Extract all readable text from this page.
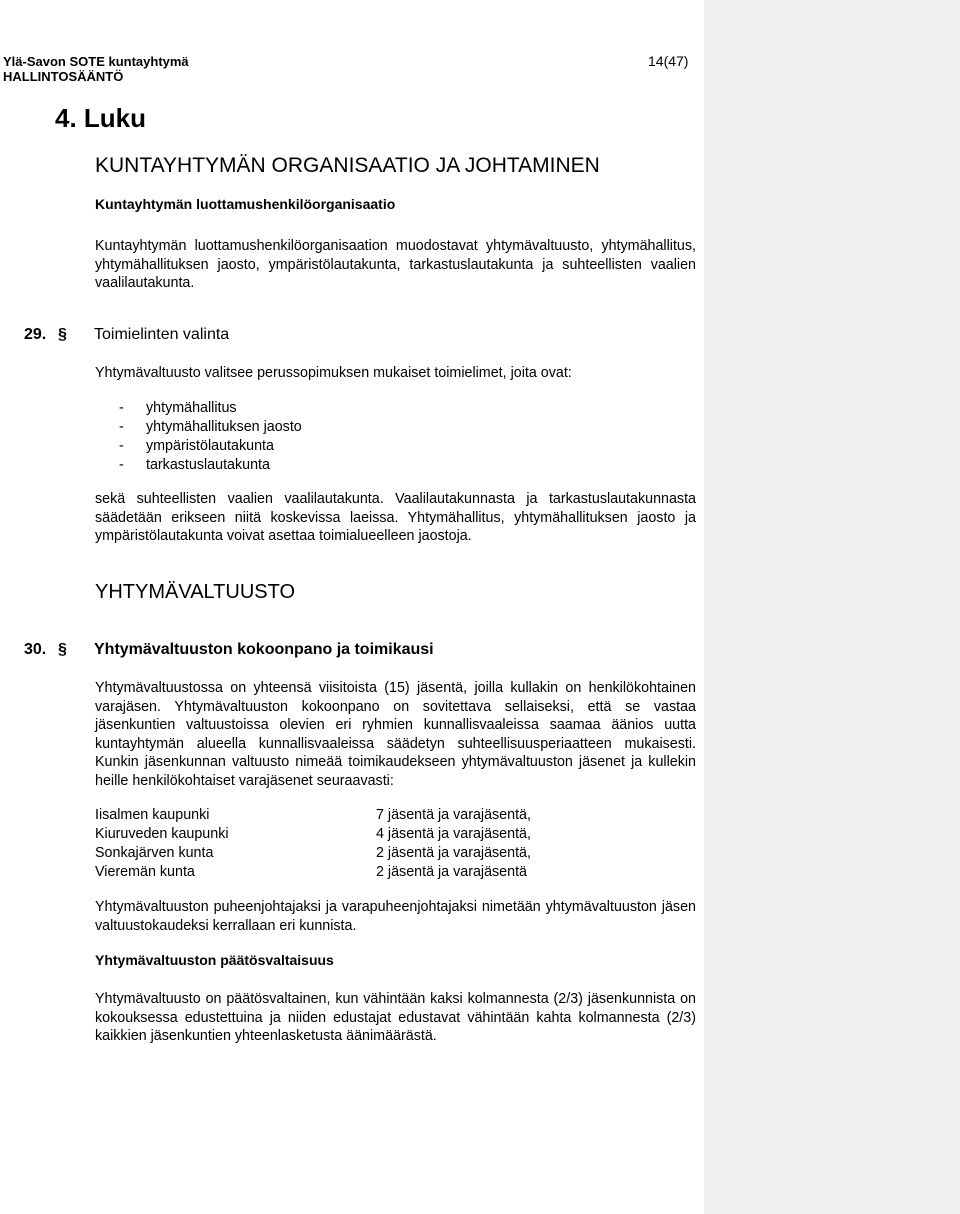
Ylä-Savon SOTE kuntayhtymä
HALLINTOSÄÄNTÖ
14(47)
4. Luku
KUNTAYHTYMÄN ORGANISAATIO JA JOHTAMINEN
Kuntayhtymän luottamushenkilöorganisaatio

Kuntayhtymän luottamushenkilöorganisaation muodostavat yhtymävaltuusto, yhtymähallitus, yhtymähallituksen jaosto, ympäristölautakunta, tarkastuslautakunta ja suhteellisten vaalien vaalilautakunta.

29. § Toimielinten valinta

Yhtymävaltuusto valitsee perussopimuksen mukaiset toimielimet, joita ovat:

-	yhtymähallitus
-	yhtymähallituksen jaosto
-	ympäristölautakunta
-	tarkastuslautakunta

sekä suhteellisten vaalien vaalilautakunta. Vaalilautakunnasta ja tarkastuslautakunnasta säädetään erikseen niitä koskevissa laeissa. Yhtymähallitus, yhtymähallituksen jaosto ja ympäristölautakunta voivat asettaa toimialueelleen jaostoja.

YHTYMÄVALTUUSTO
30. § Yhtymävaltuuston kokoonpano ja toimikausi

Yhtymävaltuustossa on yhteensä viisitoista (15) jäsentä, joilla kullakin on henkilökohtainen varajäsen. Yhtymävaltuuston kokoonpano on sovitettava sellaiseksi, että se vastaa jäsenkuntien valtuustoissa olevien eri ryhmien kunnallisvaaleissa saamaa äänios uutta kuntayhtymän alueella kunnallisvaaleissa säädetyn suhteellisuusperiaatteen mukaisesti. Kunkin jäsenkunnan valtuusto nimeää toimikaudekseen yhtymävaltuuston jäsenet ja kullekin heille henkilökohtaiset varajäsenet seuraavasti:

Iisalmen kaupunki	7 jäsentä ja varajäsentä,
Kiuruveden kaupunki	4 jäsentä ja varajäsentä,
Sonkajärven kunta	2 jäsentä ja varajäsentä,
Vieremän kunta	2 jäsentä ja varajäsentä

Yhtymävaltuuston puheenjohtajaksi ja varapuheenjohtajaksi nimetään yhtymävaltuuston jäsen valtuustokaudeksi kerrallaan eri kunnista.

Yhtymävaltuuston päätösvaltaisuus

Yhtymävaltuusto on päätösvaltainen, kun vähintään kaksi kolmannesta (2/3) jäsenkunnista on kokouksessa edustettuina ja niiden edustajat edustavat vähintään kahta kolmannesta (2/3) kaikkien jäsenkuntien yhteenlasketusta äänimäärästä.
